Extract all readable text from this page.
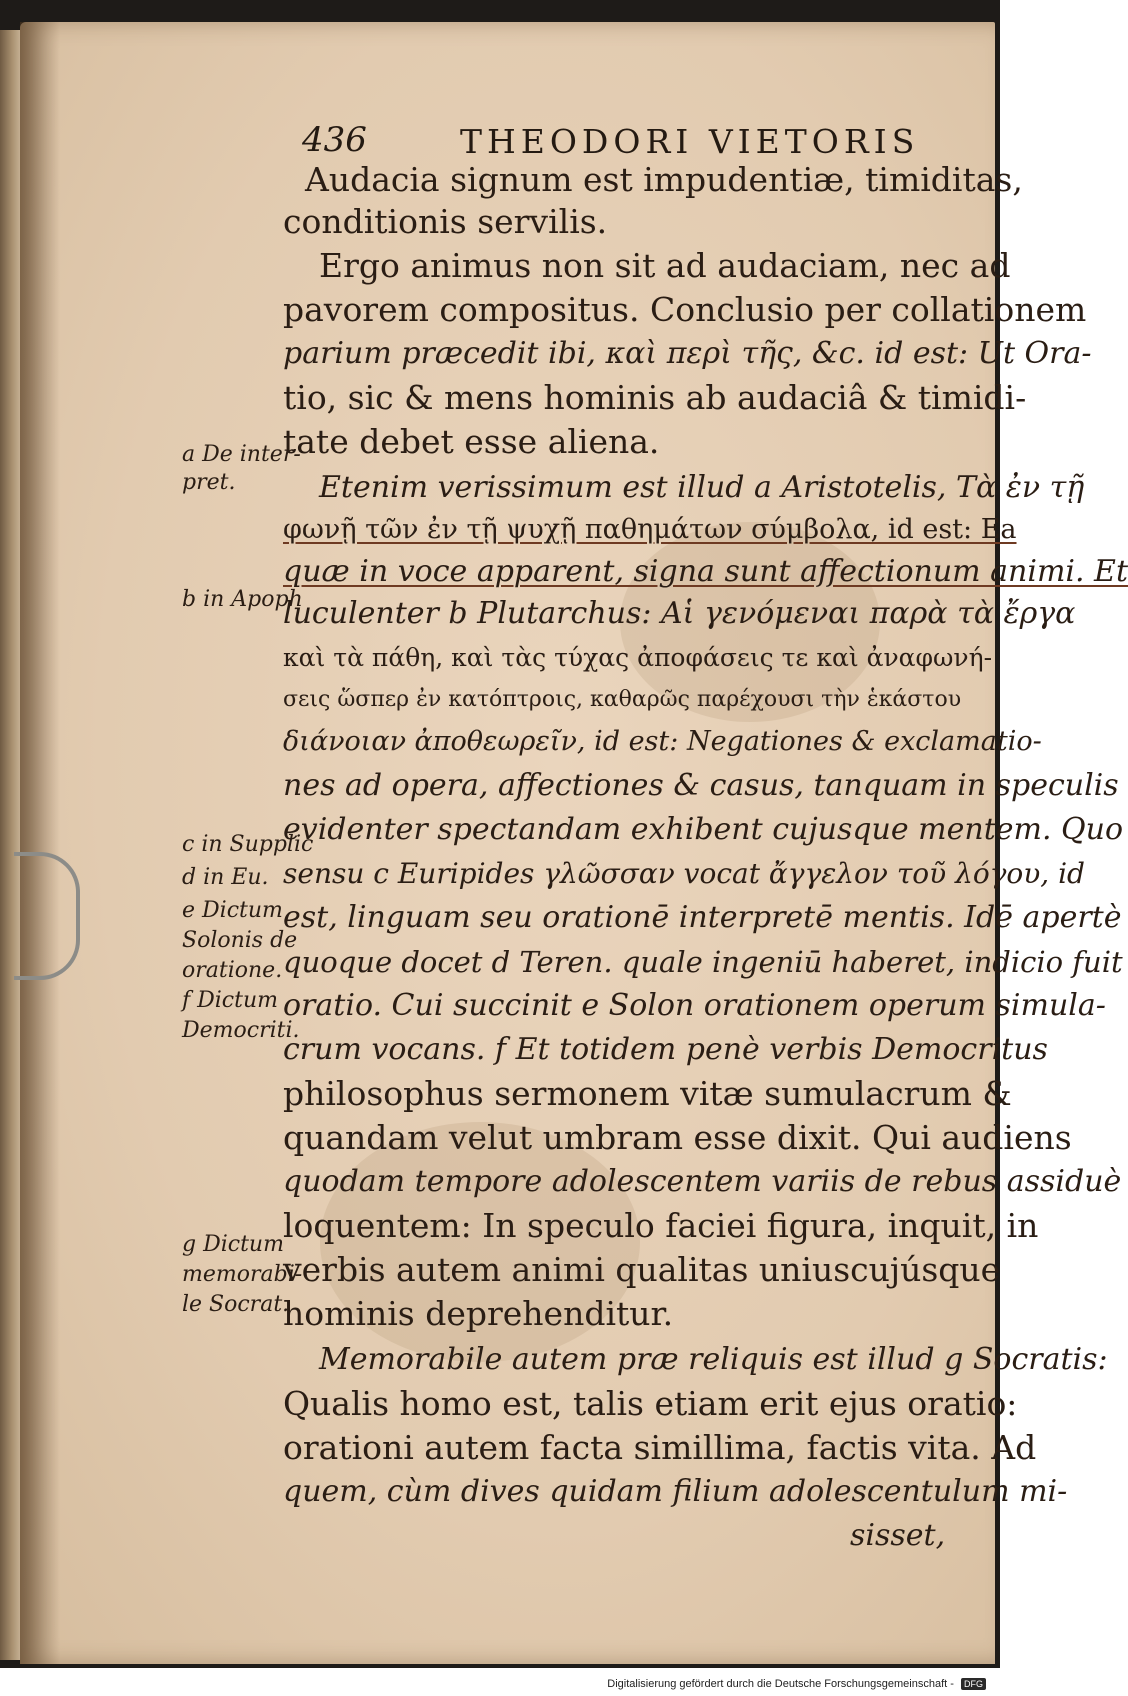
436	THEODORI VIETORIS
a De inter-
pret.
b in Apoph
c in Supplic
d in Eu.
e Dictum
Solonis de
oratione.
f Dictum
Democriti.
g Dictum
memorabi-
le Socrat.
Audacia signum est impudentiæ, timiditas,
conditionis servilis.
Ergo animus non sit ad audaciam, nec ad
pavorem compositus. Conclusio per collationem
parium præcedit ibi, καὶ περὶ τῆς, &c. id est: Ut Ora-
tio, sic & mens hominis ab audaciâ & timidi-
tate debet esse aliena.
Etenim verissimum est illud a Aristotelis, Τὰ ἐν τῇ
φωνῇ τῶν ἐν τῇ ψυχῇ παθημάτων σύμβολα, id est: Ea
quæ in voce apparent, signa sunt affectionum animi. Et
luculenter b Plutarchus: Αἱ γενόμεναι παρὰ τὰ ἔργα
καὶ τὰ πάθη, καὶ τὰς τύχας ἀποφάσεις τε καὶ ἀναφωνή-
σεις ὥσπερ ἐν κατόπτροις, καθαρῶς παρέχουσι τὴν ἑκάστου
διάνοιαν ἀποθεωρεῖν, id est: Negationes & exclamatio-
nes ad opera, affectiones & casus, tanquam in speculis
evidenter spectandam exhibent cujusque mentem. Quo
sensu c Euripides γλῶσσαν vocat ἄγγελον τοῦ λόγου, id
est, linguam seu orationē interpretē mentis. Idē apertè
quoque docet d Teren. quale ingeniū haberet, indicio fuit
oratio. Cui succinit e Solon orationem operum simula-
crum vocans. f Et totidem penè verbis Democritus
philosophus sermonem vitæ sumulacrum &
quandam velut umbram esse dixit. Qui audiens
quodam tempore adolescentem variis de rebus assiduè
loquentem: In speculo faciei figura, inquit, in
verbis autem animi qualitas uniuscujúsque
hominis deprehenditur.
Memorabile autem præ reliquis est illud g Socratis:
Qualis homo est, talis etiam erit ejus oratio:
orationi autem facta simillima, factis vita. Ad
quem, cùm dives quidam filium adolescentulum mi-
sisset,
Digitalisierung gefördert durch die Deutsche Forschungsgemeinschaft - DFG
